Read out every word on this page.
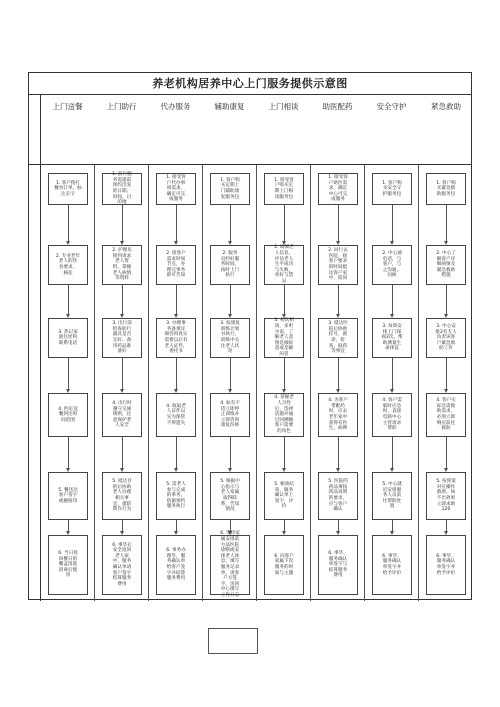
养老机构居养中心上门服务提供示意图
上门送餐
1. 客户拨打
餐食订单，标
注长字
2. 专业老年
老人的饮
食要求，
核征
3. 热记家
庭住址和
联系电话
4. 约定送
餐到达时
间范围
5. 餐送达
客户签字
或握接印
6. 当日投
回餐日的
餐盒清洗
消毒后使
用
上门助行
1. 前行服
务需提前
预约出发
的日期、
时间、目
的地
2. 护理员
接到请求
老人资
料，掌握
老人病情
等资料
3. 出行前
检查助行
器具是否
完好、备
用药品准
备好
4. 出行时
遵守交通
规则，注
意保护老
人安全
5. 抵达目
的后协助
老人办理
相关事
宜，谨防
欺诈行为
6. 事毕后
安全返回
老人家
中，服务
确认单请
客户签字
结算服务
费用
代办服务
1. 接受客
户代办事
项需求，
确定可完
成服务
2. 接客户
需求时间
节点，办
理完事务
即可告知
3. 办理事
务备须详
细咨询真实
需要以后有
老人证件，
委托书
4. 收取老
人证件以
实为保管
不得遗失
5. 需老人
参与完成
的事务，
依据预约
服务执行
6. 事务办
理毕，服
务确认单
给客户签
字并结算
服务费用
辅助康复
1. 客户购
买定期上
门辅助康
复服务包
2. 服务
员约好服
务时间，
按时上门
执行
3. 按康复
训练计划
书执行，
训练中关
注老人状
况
4. 如有不
适立即停
止训练并
立即咨询
康复医师
5. 根据中
心指示与
老人家属
取得联
系，告知
情况
6. 等待家
属安排前
方法医院
诊断或安
排老人休
息；填写
服务记录
单，请客
户方签
字，送回
中心填写
工作日志
上门相谈
1. 接受客
户购买定
期上门相
谈服务包
2. 调阅老
人信息，
评估老人
生平成功
与失败，
喜好与禁
忌
3. 初次相
谈，多听
少说，了
解老人意
图是倾诉
意或是解
闷者
4. 掌握老
人习性
后，选择
话题并通
过回溯做
客户需要
的角色
5. 相谈结
束，服务
确认单上
签字，评
价
6. 向客户
家属下次
服务的时
间与主题
助医配药
1. 接受客
户助医需
求，确定
中心可完
成服务
2. 同行去
医院，接
客户要求
的时间抵
达客户家
中，陪同
3. 抵达医
院后协助
挂号，就
诊，检
查，取药
等事宜
4. 为客户
带配药
时，应去
老年家中
获得有医
生、病例
5. 医院的
药品须按
药品说明
的要求，
应与客户
确认
6. 事毕，
服务确认
单签字与
结算服务
费用
安全守护
1. 客户购
买安全守
护服务包
2. 中心通
电话，与
客户，与
之沟通，
问候
3. 每周安
排上门探
视2次，帮
助测量生
命体征
4. 客户需
临时应急
时，直接
电联中心
主管请求
帮助
5. 中心就
近安排服
务人员前
往帮助处
置
6. 事毕，
服务确认
单签字并
给予评价
紧急救助
1. 客户购
买紧急救
助服务包
2. 中心了
解客户详
细病情及
紧急救助
措施
3. 中心安
排2名专人
负责该客
户紧急救
助工作
4. 客户实
际急需救
助需求，
必须立即
响应前往
救助
5. 按预案
对应操作
救助，如
不出效果
立即求助
120
6. 事毕，
服务确认
单签字并
给予评价
